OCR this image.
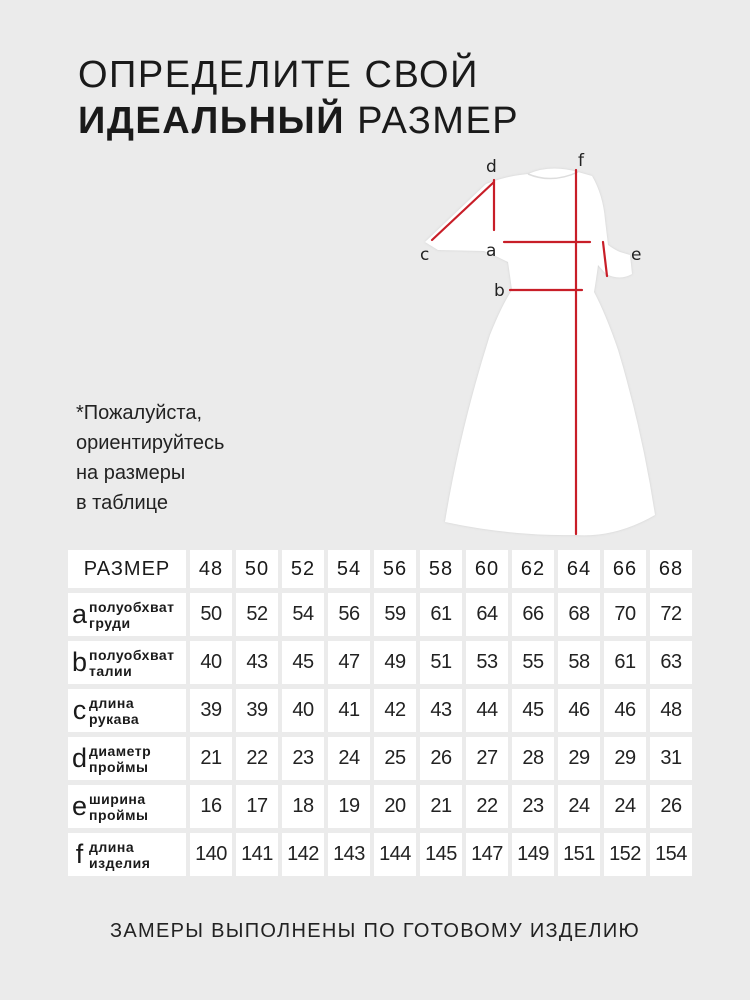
ОПРЕДЕЛИТЕ СВОЙ
ИДЕАЛЬНЫЙ РАЗМЕР
d	f
c	a	e
b
*Пожалуйста,
ориентируйтесь
на размеры
в таблице
РАЗМЕР	48	50	52	54	56	58	60	62	64	66	68
a полуобхват
груди	50	52	54	56	59	61	64	66	68	70	72
b полуобхват
талии	40	43	45	47	49	51	53	55	58	61	63
c длина
рукава	39	39	40	41	42	43	44	45	46	46	48
d диаметр
проймы	21	22	23	24	25	26	27	28	29	29	31
e ширина
проймы	16	17	18	19	20	21	22	23	24	24	26
f длина
изделия	140	141	142	143	144	145	147	149	151	152	154
ЗАМЕРЫ ВЫПОЛНЕНЫ ПО ГОТОВОМУ ИЗДЕЛИЮ
